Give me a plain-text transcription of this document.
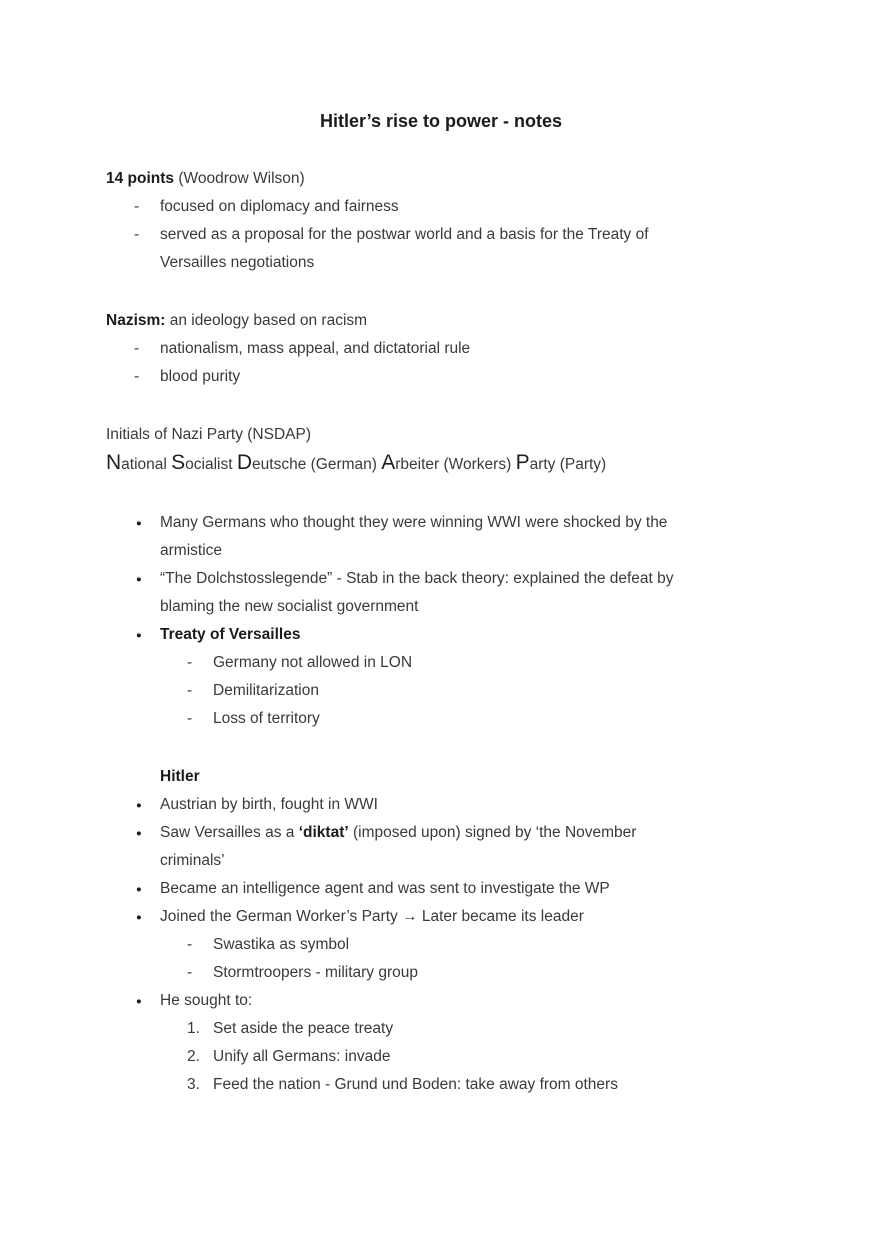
Hitler’s rise to power - notes
14 points (Woodrow Wilson)
- focused on diplomacy and fairness
- served as a proposal for the postwar world and a basis for the Treaty of
Versailles negotiations
Nazism: an ideology based on racism
- nationalism, mass appeal, and dictatorial rule
- blood purity
Initials of Nazi Party (NSDAP)
National Socialist Deutsche (German) Arbeiter (Workers) Party (Party)
● Many Germans who thought they were winning WWI were shocked by the
armistice
● “The Dolchstosslegende” - Stab in the back theory: explained the defeat by
blaming the new socialist government
● Treaty of Versailles
- Germany not allowed in LON
- Demilitarization
- Loss of territory
Hitler
● Austrian by birth, fought in WWI
● Saw Versailles as a ‘diktat’ (imposed upon) signed by ‘the November
criminals’
● Became an intelligence agent and was sent to investigate the WP
● Joined the German Worker’s Party → Later became its leader
- Swastika as symbol
- Stormtroopers - military group
● He sought to:
1. Set aside the peace treaty
2. Unify all Germans: invade
3. Feed the nation - Grund und Boden: take away from others
